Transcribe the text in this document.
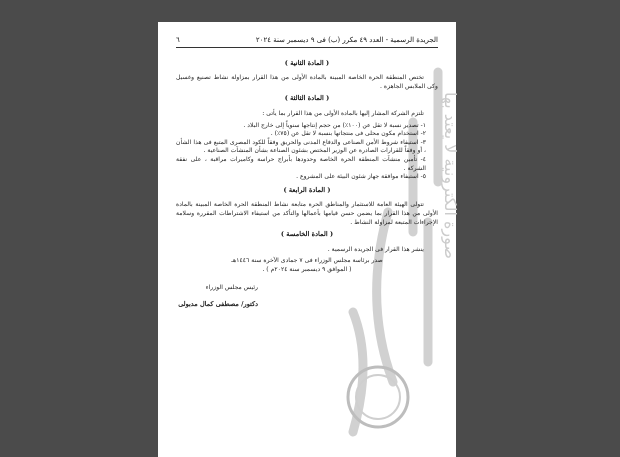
صورة الكترونية لا يعتد بها
الجريدة الرسمية - العدد ٤٩ مكرر (ب) فى ٩ ديسمبر سنة ٢٠٢٤
٦
( المادة الثانية )

تختص المنطقة الحرة الخاصة المبينة بالمادة الأولى من هذا القرار بمزاولة نشاط تصنيع وغسيل وكى الملابس الجاهزة .

( المادة الثالثة )

تلتزم الشركة المشار إليها بالمادة الأولى من هذا القرار بما يأتى :

١- تصدير نسبة لا تقل عن (١٠٠٪) من حجم إنتاجها سنوياً إلى خارج البلاد .
٢- استخدام مكون محلى فى منتجاتها بنسبة لا تقل عن (٧٥٪) .
٣- استيفاء شروط الأمن الصناعى والدفاع المدنى والحريق وفقاً للكود المصرى المتبع فى هذا الشأن ، أو وفقاً للقرارات الصادرة عن الوزير المختص بشئون الصناعة بشأن المنشآت الصناعية .
٤- تأمين منشآت المنطقة الحرة الخاصة وحدودها بأبراج حراسة وكاميرات مراقبة ، على نفقة الشركة .
٥- استيفاء موافقة جهاز شئون البيئة على المشروع .
( المادة الرابعة )

تتولى الهيئة العامة للاستثمار والمناطق الحرة متابعة نشاط المنطقة الحرة الخاصة المبينة بالمادة الأولى من هذا القرار بما يضمن حسن قيامها بأعمالها والتأكد من استيفاء الاشتراطات المقررة وسلامة الإجراءات المتبعة لمزاولة النشاط .

( المادة الخامسة )

ينشر هذا القرار فى الجريدة الرسمية .

صدر برئاسة مجلس الوزراء فى ٧ جمادى الآخرة سنة ١٤٤٦هـ
( الموافق ٩ ديسمبر سنة ٢٠٢٤م ) .
رئيس مجلس الوزراء
دكتور/ مصطفى كمال مدبولى
